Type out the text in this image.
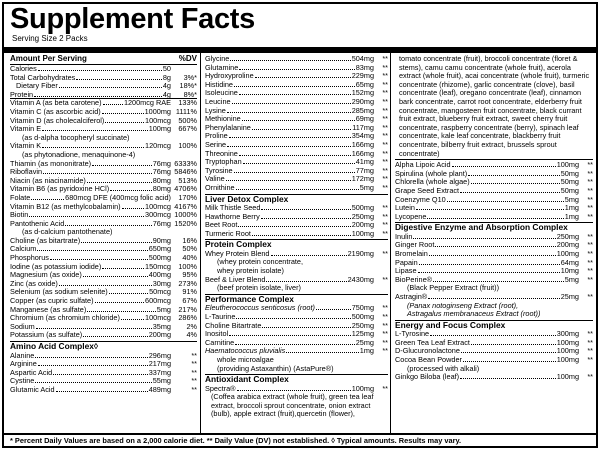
Supplement Facts
Serving Size 2 Packs
Amount Per Serving	%DV
Calories	50
Total Carbohydrates	8g	3%*
Dietary Fiber	4g	18%*
Protein	4g	8%*
Vitamin A (as beta carotene)	1200mcg RAE	133%
Vitamin C (as ascorbic acid)	1000mg 1111%
Vitamin D (as cholecalciferol)	100mcg	500%
Vitamin E	100mg	667%
(as d-alpha tocopheryl succinate)
Vitamin K	120mcg	100%
(as phytonadione, menaquinone-4)
Thiamin (as mononitrate)	76mg 6333%
Riboflavin	76mg 5846%
Niacin (as niacinamide)	80mg	513%
Vitamin B6 (as pyridoxine HCl)	80mg 4706%
Folate	680mcg DFE (400mcg folic acid)	170%
Vitamin B12 (as methylcobalamin)	100mcg 4167%
Biotin	300mcg 1000%
Pantothenic Acid	76mg 1520%
(as d-calcium pantothenate)
Choline (as bitartrate)	90mg	16%
Calcium	650mg	50%
Phosphorus	500mg	40%
Iodine (as potassium iodide)	150mcg	100%
Magnesium (as oxide)	400mg	95%
Zinc (as oxide)	30mg	273%
Selenium (as sodium selenite)	50mcg	91%
Copper (as cupric sulfate)	600mcg	67%
Manganese (as sulfate)	5mg	217%
Chromium (as chromium chloride)	100mcg	286%
Sodium	35mg	2%
Potassium (as sulfate)	200mg	4%
Amino Acid Complex◊
Alanine	296mg	**
Arginine	217mg	**
Aspartic Acid	337mg	**
Cystine	55mg	**
Glutamic Acid	489mg	**
Glycine	504mg	**
Glutamine	83mg	**
Hydroxyproline	229mg	**
Histidine	65mg	**
Isoleucine	152mg	**
Leucine	290mg	**
Lysine	285mg	**
Methionine	69mg	**
Phenylalanine	117mg	**
Proline	354mg	**
Serine	166mg	**
Threonine	166mg	**
Tryptophan	41mg	**
Tyrosine	77mg	**
Valine	172mg	**
Ornithine	5mg	**
Liver Detox Complex
Milk Thistle Seed	500mg	**
Hawthorne Berry	250mg	**
Beet Root	200mg	**
Turmeric Root	100mg	**
Protein Complex
Whey Protein Blend	2190mg	**
(whey protein concentrate,
whey protein isolate)
Beef & Liver Blend	2430mg	**
(beef protein isolate, liver)
Performance Complex
Eleutherococcus senticosus (root)	750mg	**
L-Taurine	500mg	**
Choline Bitartrate	250mg	**
Inositol	125mg	**
Carnitine	25mg	**
Haematococcus pluvialis	1mg	**
whole microalgae
(providing Astaxanthin) (AstaPure®)
Antioxidant Complex
Spectra®	100mg	**
(Coffea arabica extract (whole fruit), green tea leaf extract, broccoli sprout concentrate, onion extract (bulb), apple extract (fruit),quercetin (flower),
tomato concentrate (fruit), broccoli concentrate (floret & stems), camu camu concentrate (whole fruit), acerola extract (whole fruit), acai concentrate (whole fruit), turmeric concentrate (rhizome), garlic concentrate (clove), basil concentrate (leaf), oregano concentrate (leaf), cinnamon bark concentrate, carrot root concentrate, elderberry fruit concentrate, mangosteen fruit concentrate, black currant fruit extract, blueberry fruit extract, sweet cherry fruit concentrate, raspberry concentrate (berry), spinach leaf concentrate, kale leaf concentrate, blackberry fruit concentrate, bilberry fruit extract, brussels sprout concentrate)
Alpha Lipoic Acid	100mg	**
Spirulina (whole plant)	50mg	**
Chlorella (whole algae)	50mg	**
Grape Seed Extract	50mg	**
Coenzyme Q10	5mg	**
Lutein	1mg	**
Lycopene	1mg	**
Digestive Enzyme and Absorption Complex
Inulin	250mg	**
Ginger Root	200mg	**
Bromelain	100mg	**
Papain	64mg	**
Lipase	10mg	**
BioPerine®	5mg	**
(Black Pepper Extract (fruit))
Astragin®	25mg	**
(Panax notoginseng Extract (root),
Astragalus membranaceus Extract (root))
Energy and Focus Complex
L-Tyrosine	300mg	**
Green Tea Leaf Extract	100mg	**
D-Glucuronolactone	100mg	**
Cocoa Bean Powder	100mg	**
(processed with alkali)
Ginkgo Biloba (leaf)	100mg	**
* Percent Daily Values are based on a 2,000 calorie diet. ** Daily Value (DV) not established. ◊ Typical amounts. Results may vary.
